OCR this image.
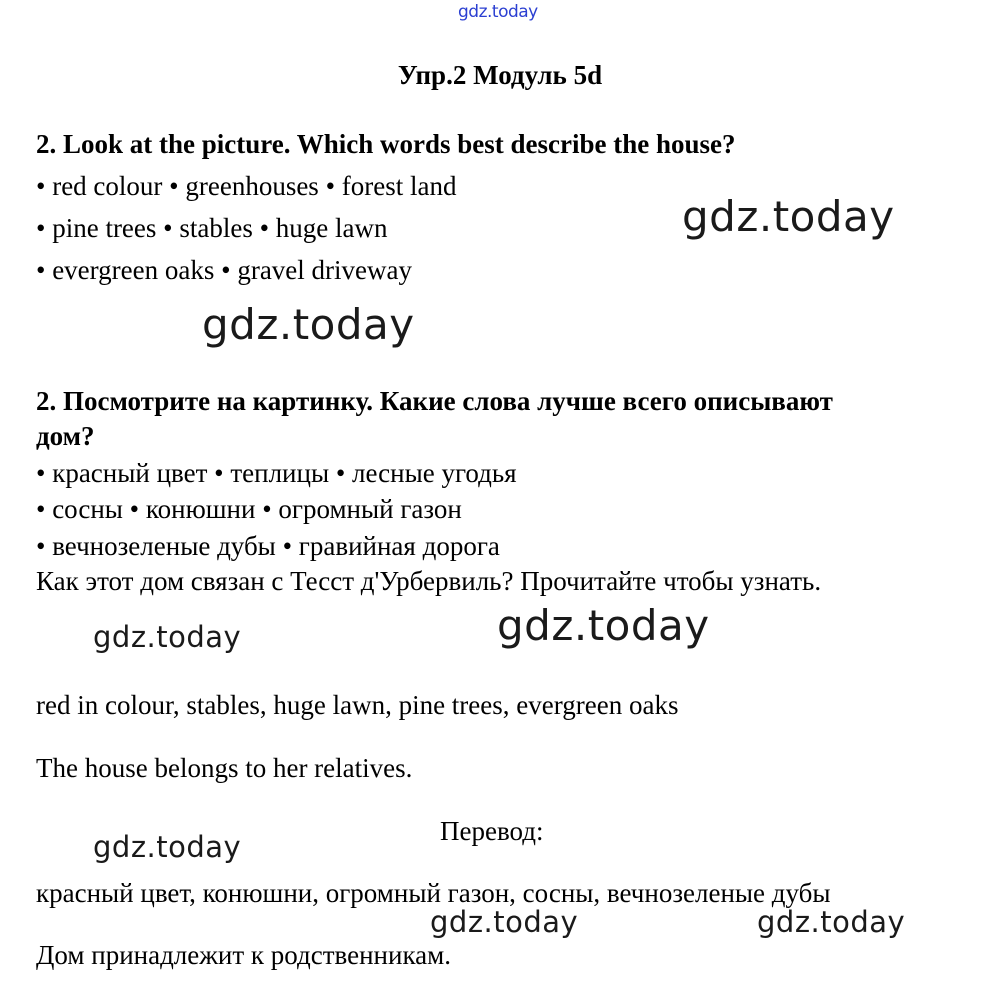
gdz.today
Упр.2 Модуль 5d
2. Look at the picture. Which words best describe the house?
• red colour • greenhouses • forest land
• pine trees • stables • huge lawn
• evergreen oaks • gravel driveway
gdz.today
gdz.today
2. Посмотрите на картинку. Какие слова лучше всего описывают
дом?
• красный цвет • теплицы • лесные угодья
• сосны • конюшни • огромный газон
• вечнозеленые дубы • гравийная дорога
Как этот дом связан с Тесст д'Урбервиль? Прочитайте чтобы узнать.
gdz.today	gdz.today
red in colour, stables, huge lawn, pine trees, evergreen oaks
The house belongs to her relatives.
Перевод:
gdz.today
красный цвет, конюшни, огромный газон, сосны, вечнозеленые дубы
gdz.today	gdz.today
Дом принадлежит к родственникам.
